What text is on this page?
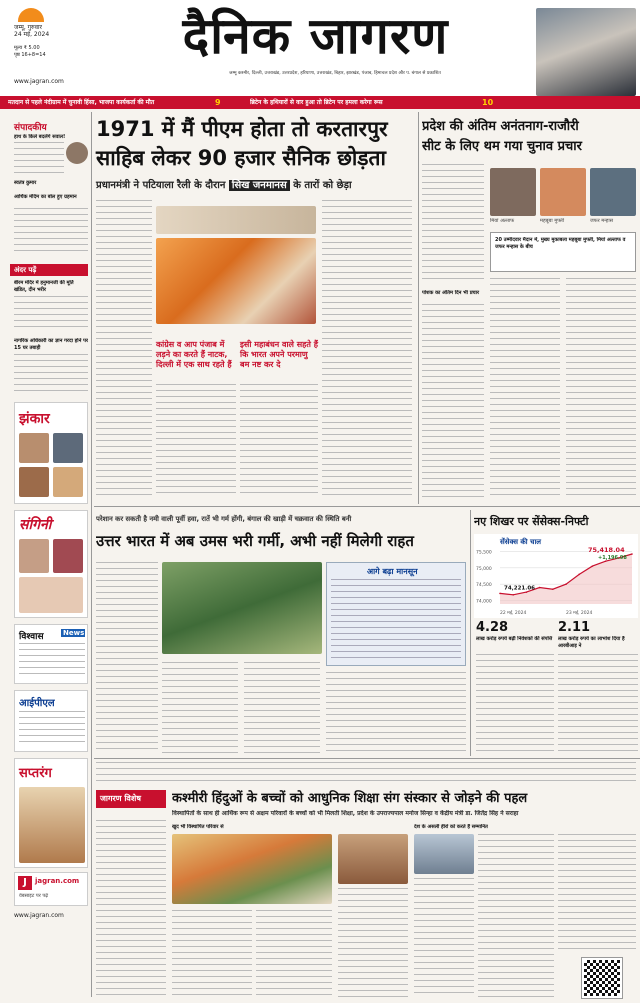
जम्मू, गुरुवार
24 मई, 2024
मूल्य ₹ 5.00
पृष्ठ 16+8=14	दैनिक जागरण
जम्मू कश्मीर, दिल्ली, उत्तराखंड, उत्तरप्रदेश, हरियाणा, उत्तराखंड, बिहार, झारखंड, पंजाब, हिमाचल प्रदेश और प. बंगाल से प्रकाशित
www.jagran.com
मतदान से पहले नंदीग्राम में चुनावी हिंसा, भाजपा कार्यकर्ता की मौत	9	ब्रिटेन के हथियारों से वार हुआ तो ब्रिटेन पर हमला करेगा रूस	10
संपादकीय
हाथ के किले बदलेंगे सवाल!
स्वतंत्र कुमार
आर्थिक मंदिम का बोल हुए ग्रहमान
अंदर पढ़ें
बीरम मंदिर में हनुमानजी की मूर्ति खंडित, दीन भरीर
नागरिक अधिकारी का ज्ञान गरदा होने पर 15 घर तबाही
झंकार
संगिनी
विश्वास	News
आईपीएल
सप्तरंग
J	jagran.com
वेबसाइट पर पढ़ें
www.jagran.com
1971 में मैं पीएम होता तो करतारपुर
साहिब लेकर 90 हजार सैनिक छोड़ता
प्रधानमंत्री ने पटियाला रैली के दौरान सिख जनमानस के तारों को छेड़ा
कांग्रेस व आप पंजाब में लड़ने का करते हैं नाटक, दिल्ली में एक साथ रहते हैं
इसी महाबंधन वाले सहते हैं कि भारत अपने परमाणु बम नष्ट कर दे
प्रदेश की अंतिम अनंतनाग-राजौरी
सीट के लिए थम गया चुनाव प्रचार
मियां अल्ताफ	महबूबा मुफ्ती	जफर मन्हास
पोशक का अंतिम दिन भी प्रचार
20 उम्मीदवार मैदान में, मुख्य मुकाबला महबूबा मुफ्ती, मियां अल्ताफ व जफर मन्हास के बीच
परेशान कर सकती है नमी वाली पूर्वी हवा, रातें भी गर्म होंगी, बंगाल की खाड़ी में चक्रवात की स्थिति बनी
उत्तर भारत में अब उमस भरी गर्मी, अभी नहीं मिलेगी राहत
आगे बढ़ा मानसून
नए शिखर पर सेंसेक्स-निफ्टी
सेंसेक्स की चाल
74,000
74,500
75,000
75,500
22 मई, 2024	23 मई, 2024
75,418.04
+1,196.98
74,221.06
4.28
लाख करोड़ रुपये बढ़ी निवेशकों की संपत्ति
2.11
लाख करोड़ रुपये का लाभांश दिया है आरबीआइ ने
जागरण विशेष	कश्मीरी हिंदुओं के बच्चों को आधुनिक शिक्षा संग संस्कार से जोड़ने की पहल
विस्थापितों के साथ ही आर्थिक रूप से अक्षम परिवारों के बच्चों को भी मिलती शिक्षा, प्रदेश के उपराज्यपाल मनोज सिन्हा व केंद्रीय मंत्री डा. जितेंद्र सिंह ने सराहा
खुद भी विस्थापित परिवार से	देश के असली हीरो को करते हैं सम्मानित
